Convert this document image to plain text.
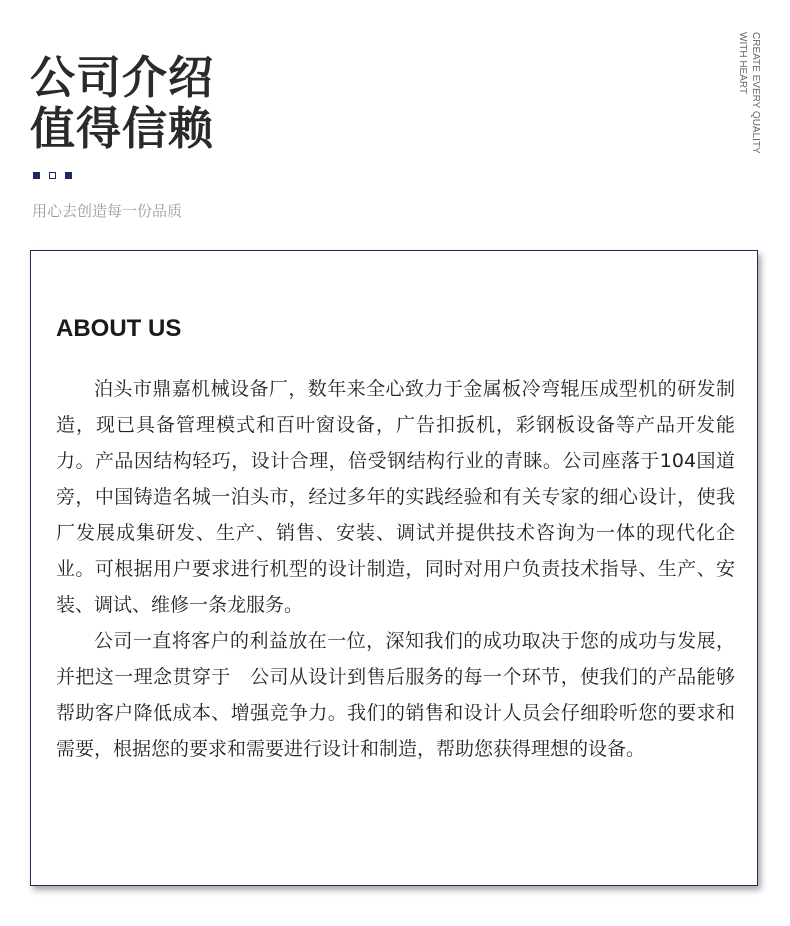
公司介绍
值得信赖	CREATE EVERY QUALITY
WITH HEART
用心去创造每一份品质
ABOUT US

泊头市鼎嘉机械设备厂，数年来全心致力于金属板冷弯辊压成型机的研发制造，现已具备管理模式和百叶窗设备，广告扣扳机，彩钢板设备等产品开发能力。产品因结构轻巧，设计合理，倍受钢结构行业的青睐。公司座落于104国道旁，中国铸造名城一泊头市，经过多年的实践经验和有关专家的细心设计，使我厂发展成集研发、生产、销售、安装、调试并提供技术咨询为一体的现代化企业。可根据用户要求进行机型的设计制造，同时对用户负责技术指导、生产、安装、调试、维修一条龙服务。

公司一直将客户的利益放在一位，深知我们的成功取决于您的成功与发展，并把这一理念贯穿于　公司从设计到售后服务的每一个环节，使我们的产品能够帮助客户降低成本、增强竞争力。我们的销售和设计人员会仔细聆听您的要求和需要，根据您的要求和需要进行设计和制造，帮助您获得理想的设备。
